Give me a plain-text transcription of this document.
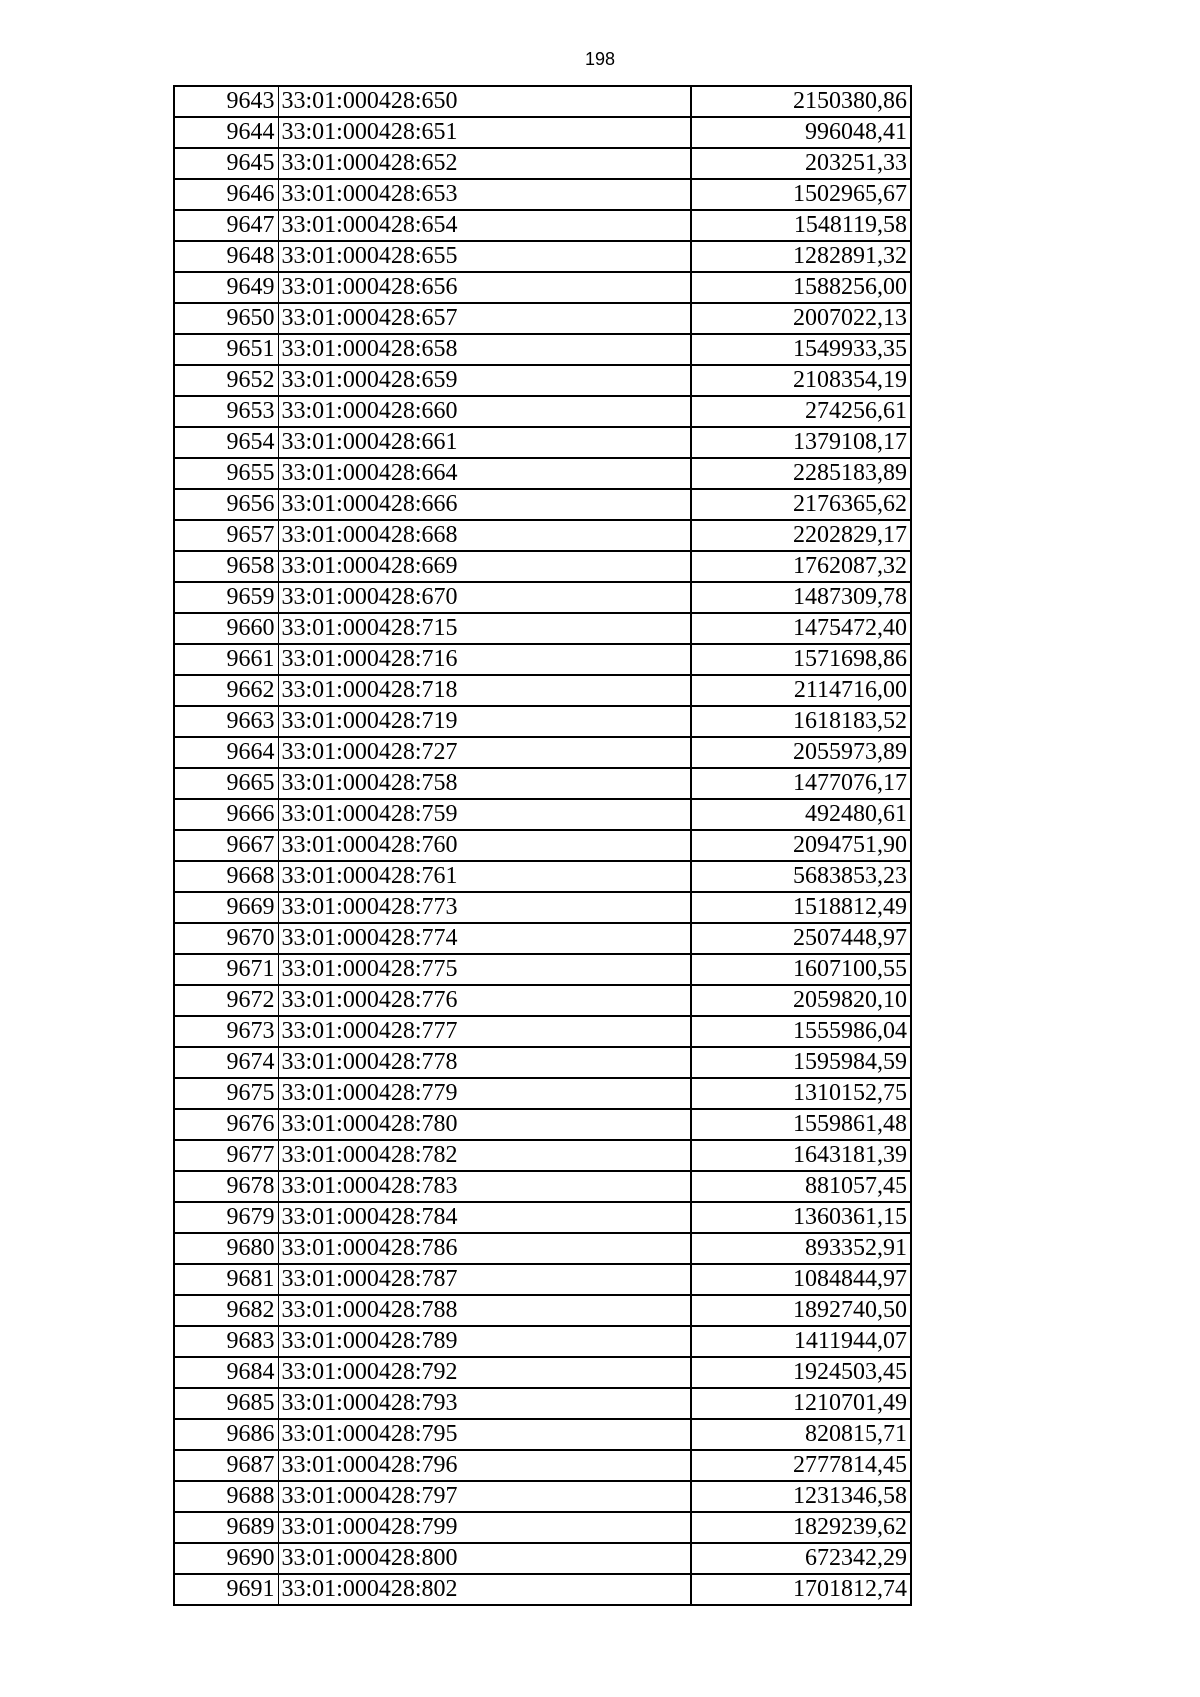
198
9643	33:01:000428:650	2150380,86
9644	33:01:000428:651	996048,41
9645	33:01:000428:652	203251,33
9646	33:01:000428:653	1502965,67
9647	33:01:000428:654	1548119,58
9648	33:01:000428:655	1282891,32
9649	33:01:000428:656	1588256,00
9650	33:01:000428:657	2007022,13
9651	33:01:000428:658	1549933,35
9652	33:01:000428:659	2108354,19
9653	33:01:000428:660	274256,61
9654	33:01:000428:661	1379108,17
9655	33:01:000428:664	2285183,89
9656	33:01:000428:666	2176365,62
9657	33:01:000428:668	2202829,17
9658	33:01:000428:669	1762087,32
9659	33:01:000428:670	1487309,78
9660	33:01:000428:715	1475472,40
9661	33:01:000428:716	1571698,86
9662	33:01:000428:718	2114716,00
9663	33:01:000428:719	1618183,52
9664	33:01:000428:727	2055973,89
9665	33:01:000428:758	1477076,17
9666	33:01:000428:759	492480,61
9667	33:01:000428:760	2094751,90
9668	33:01:000428:761	5683853,23
9669	33:01:000428:773	1518812,49
9670	33:01:000428:774	2507448,97
9671	33:01:000428:775	1607100,55
9672	33:01:000428:776	2059820,10
9673	33:01:000428:777	1555986,04
9674	33:01:000428:778	1595984,59
9675	33:01:000428:779	1310152,75
9676	33:01:000428:780	1559861,48
9677	33:01:000428:782	1643181,39
9678	33:01:000428:783	881057,45
9679	33:01:000428:784	1360361,15
9680	33:01:000428:786	893352,91
9681	33:01:000428:787	1084844,97
9682	33:01:000428:788	1892740,50
9683	33:01:000428:789	1411944,07
9684	33:01:000428:792	1924503,45
9685	33:01:000428:793	1210701,49
9686	33:01:000428:795	820815,71
9687	33:01:000428:796	2777814,45
9688	33:01:000428:797	1231346,58
9689	33:01:000428:799	1829239,62
9690	33:01:000428:800	672342,29
9691	33:01:000428:802	1701812,74
